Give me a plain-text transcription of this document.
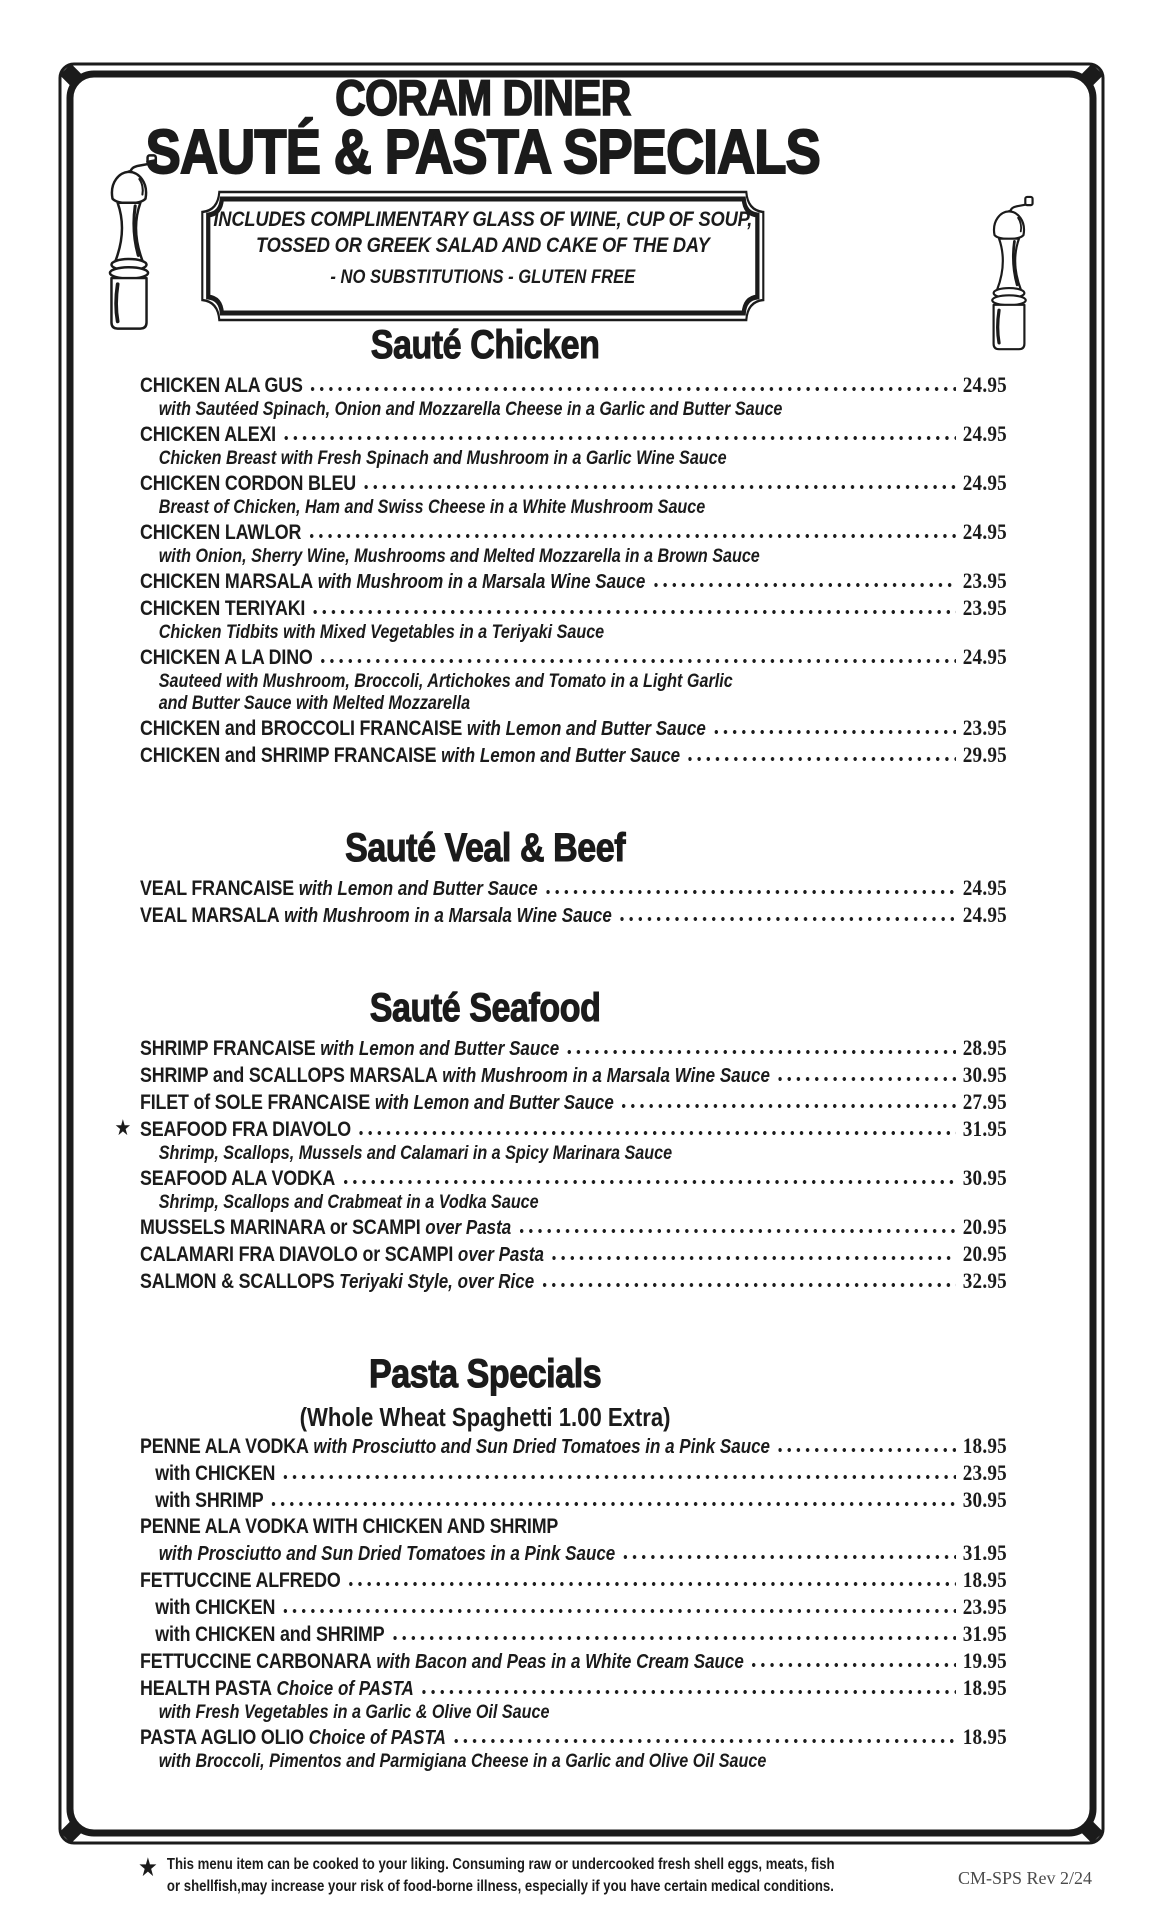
CORAM DINER
SAUTÉ & PASTA SPECIALS
INCLUDES COMPLIMENTARY GLASS OF WINE, CUP OF SOUP,
TOSSED OR GREEK SALAD AND CAKE OF THE DAY
- NO SUBSTITUTIONS - GLUTEN FREE
Sauté Chicken
CHICKEN ALA GUS	24.95
with Sautéed Spinach, Onion and Mozzarella Cheese in a Garlic and Butter Sauce
CHICKEN ALEXI	24.95
Chicken Breast with Fresh Spinach and Mushroom in a Garlic Wine Sauce
CHICKEN CORDON BLEU	24.95
Breast of Chicken, Ham and Swiss Cheese in a White Mushroom Sauce
CHICKEN LAWLOR	24.95
with Onion, Sherry Wine, Mushrooms and Melted Mozzarella in a Brown Sauce
CHICKEN MARSALA with Mushroom in a Marsala Wine Sauce	23.95
CHICKEN TERIYAKI	23.95
Chicken Tidbits with Mixed Vegetables in a Teriyaki Sauce
CHICKEN A LA DINO	24.95
Sauteed with Mushroom, Broccoli, Artichokes and Tomato in a Light Garlic
and Butter Sauce with Melted Mozzarella
CHICKEN and BROCCOLI FRANCAISE with Lemon and Butter Sauce	23.95
CHICKEN and SHRIMP FRANCAISE with Lemon and Butter Sauce	29.95
Sauté Veal & Beef
VEAL FRANCAISE with Lemon and Butter Sauce	24.95
VEAL MARSALA with Mushroom in a Marsala Wine Sauce	24.95
Sauté Seafood
SHRIMP FRANCAISE with Lemon and Butter Sauce	28.95
SHRIMP and SCALLOPS MARSALA with Mushroom in a Marsala Wine Sauce	30.95
FILET of SOLE FRANCAISE with Lemon and Butter Sauce	27.95
★ SEAFOOD FRA DIAVOLO	31.95
Shrimp, Scallops, Mussels and Calamari in a Spicy Marinara Sauce
SEAFOOD ALA VODKA	30.95
Shrimp, Scallops and Crabmeat in a Vodka Sauce
MUSSELS MARINARA or SCAMPI over Pasta	20.95
CALAMARI FRA DIAVOLO or SCAMPI over Pasta	20.95
SALMON & SCALLOPS Teriyaki Style, over Rice	32.95
Pasta Specials
(Whole Wheat Spaghetti 1.00 Extra)
PENNE ALA VODKA with Prosciutto and Sun Dried Tomatoes in a Pink Sauce	18.95
with CHICKEN	23.95
with SHRIMP	30.95
PENNE ALA VODKA WITH CHICKEN AND SHRIMP
with Prosciutto and Sun Dried Tomatoes in a Pink Sauce	31.95
FETTUCCINE ALFREDO	18.95
with CHICKEN	23.95
with CHICKEN and SHRIMP	31.95
FETTUCCINE CARBONARA with Bacon and Peas in a White Cream Sauce	19.95
HEALTH PASTA Choice of PASTA	18.95
with Fresh Vegetables in a Garlic & Olive Oil Sauce
PASTA AGLIO OLIO Choice of PASTA	18.95
with Broccoli, Pimentos and Parmigiana Cheese in a Garlic and Olive Oil Sauce
★ This menu item can be cooked to your liking. Consuming raw or undercooked fresh shell eggs, meats, fish
or shellfish,may increase your risk of food-borne illness, especially if you have certain medical conditions.	CM-SPS Rev 2/24
